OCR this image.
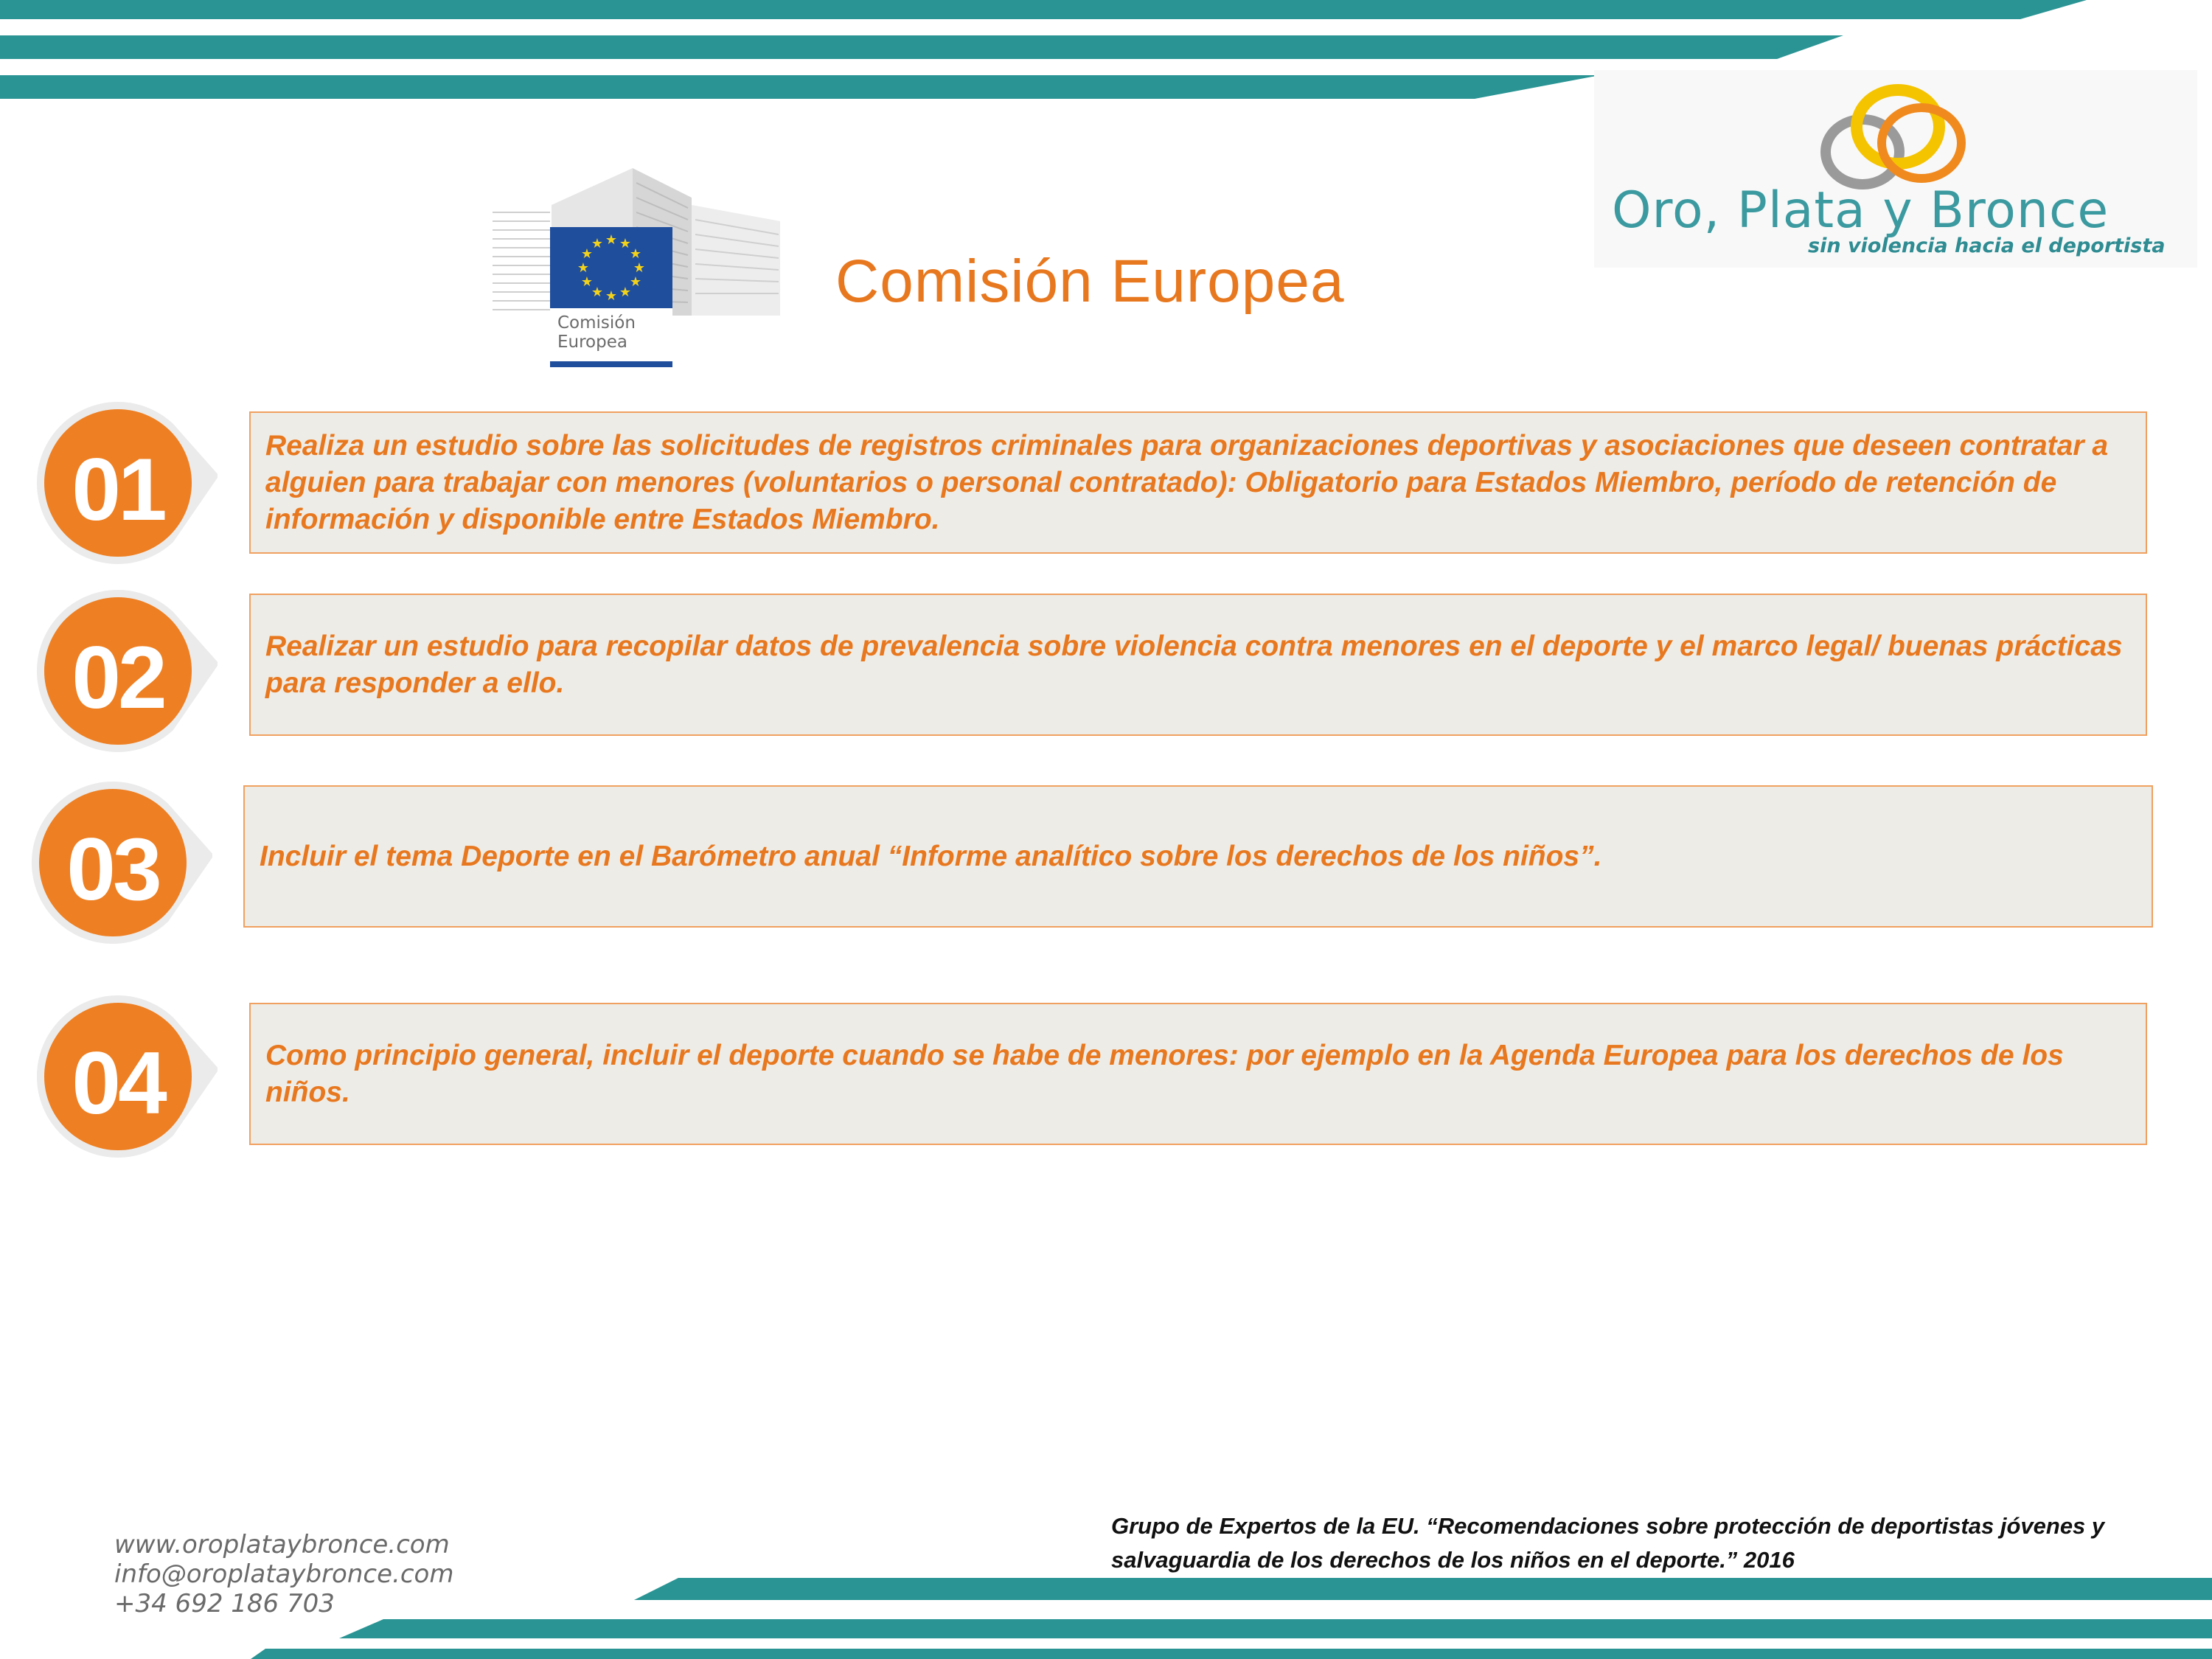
★ ★
★
★
★
★
★
★
★
★
★
★
Comisión
Europea
Comisión Europea
Oro, Plata y Bronce
sin violencia hacia el deportista
01	Realiza un estudio sobre las solicitudes de registros criminales para organizaciones deportivas y asociaciones que deseen contratar a alguien para trabajar con menores (voluntarios o personal contratado): Obligatorio para Estados Miembro, período de retención de información y disponible entre Estados Miembro.
02	Realizar un estudio para recopilar datos de prevalencia sobre violencia contra menores en el deporte y el marco legal/ buenas prácticas para responder a ello.
03	Incluir el tema Deporte en el Barómetro anual “Informe analítico sobre los derechos de los niños”.
04	Como principio general, incluir el deporte cuando se habe de menores: por ejemplo en la Agenda Europea para los derechos de los niños.
www.oroplataybronce.com
info@oroplataybronce.com
+34 692 186 703
Grupo de Expertos de la EU. “Recomendaciones sobre protección de deportistas jóvenes y salvaguardia de los derechos de los niños en el deporte.” 2016
